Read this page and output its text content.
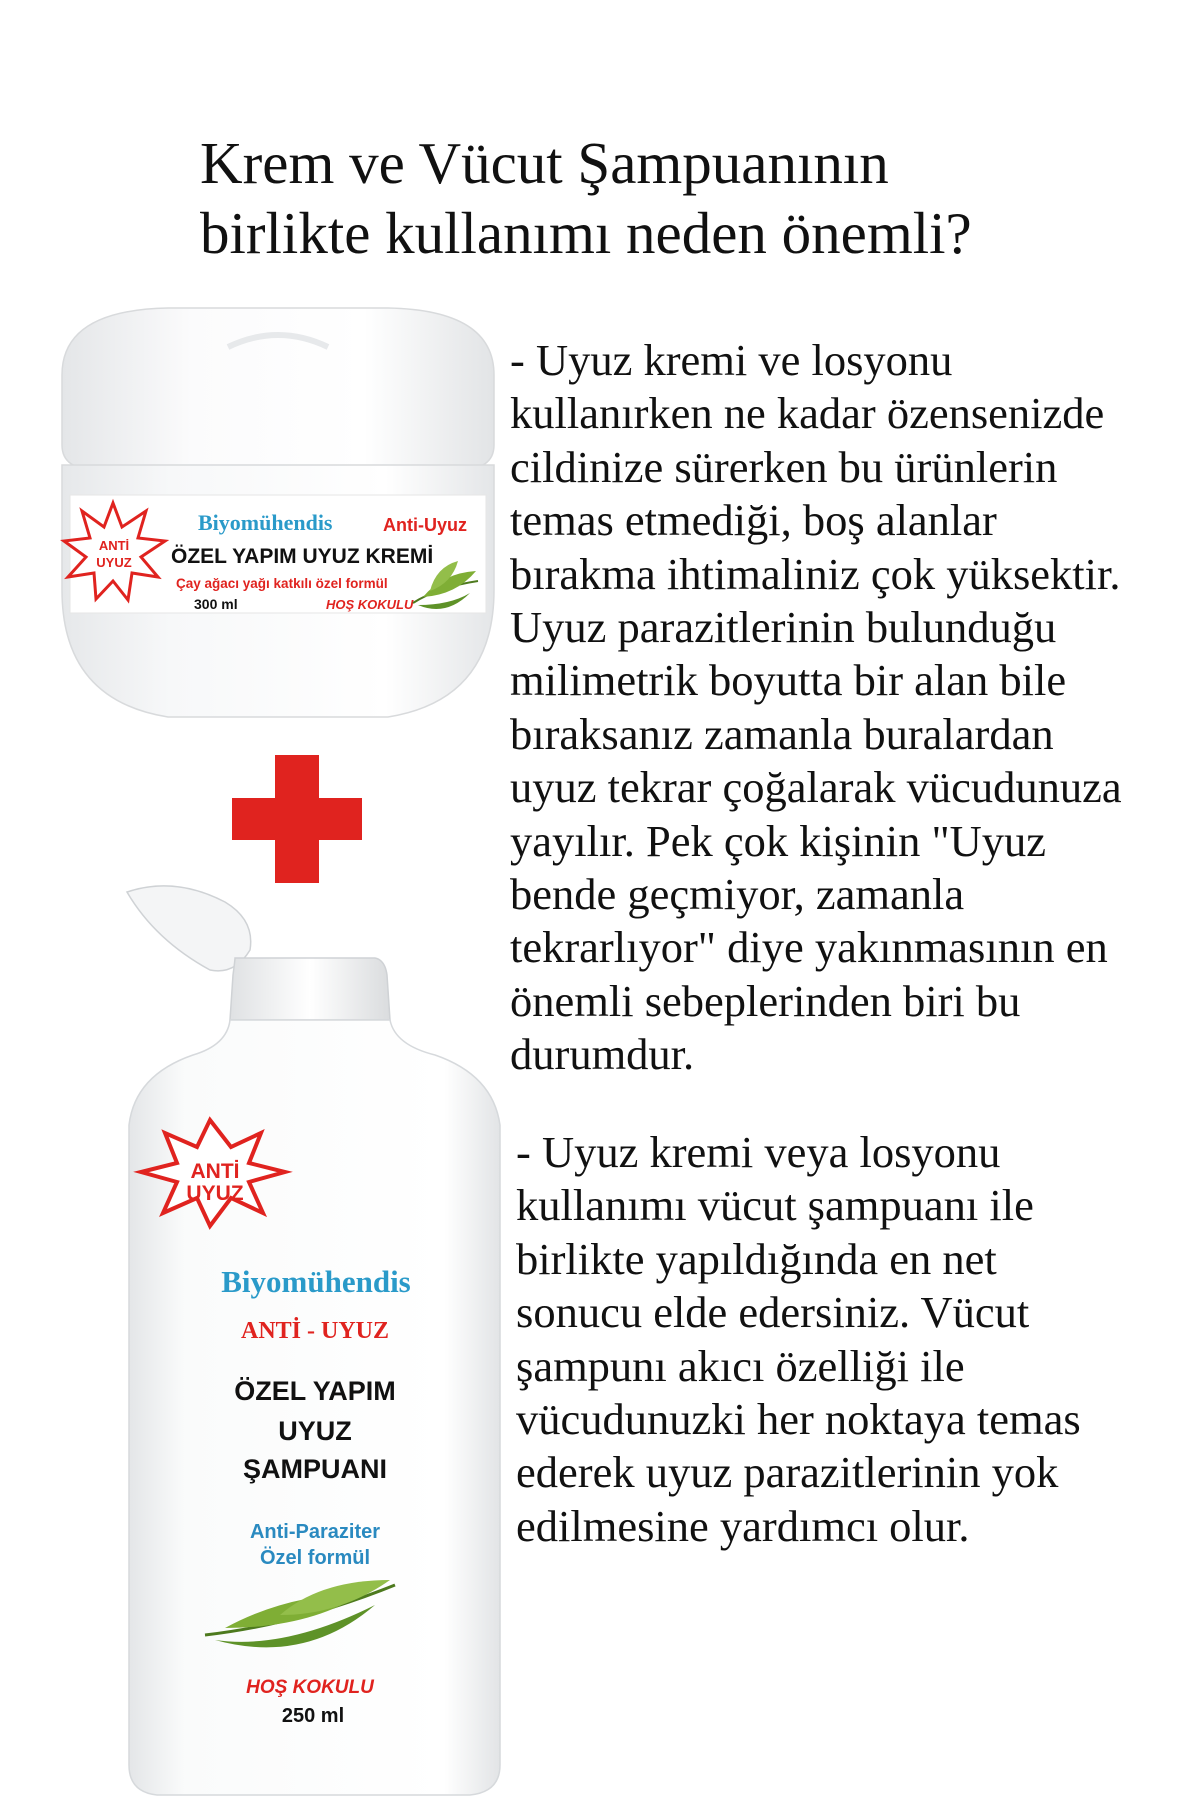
Krem ve Vücut Şampuanının
birlikte kullanımı neden önemli?
- Uyuz kremi ve losyonu
kullanırken ne kadar özensenizde
cildinize sürerken bu ürünlerin
temas etmediği, boş alanlar
bırakma ihtimaliniz çok yüksektir.
Uyuz parazitlerinin bulunduğu
milimetrik boyutta bir alan bile
bıraksanız zamanla buralardan
uyuz tekrar çoğalarak vücudunuza
yayılır. Pek çok kişinin "Uyuz
bende geçmiyor, zamanla
tekrarlıyor" diye yakınmasının en
önemli sebeplerinden biri bu
durumdur.
- Uyuz kremi veya losyonu
kullanımı vücut şampuanı ile
birlikte yapıldığında en net
sonucu elde edersiniz. Vücut
şampunı akıcı özelliği ile
vücudunuzki her noktaya temas
ederek uyuz parazitlerinin yok
edilmesine yardımcı olur.
ANTİ
UYUZ
Biyomühendis	Anti-Uyuz
ÖZEL YAPIM UYUZ KREMİ
Çay ağacı yağı katkılı özel formül
300 ml	HOŞ KOKULU
ANTİ
UYUZ
Biyomühendis
ANTİ - UYUZ
ÖZEL YAPIM
UYUZ
ŞAMPUANI
Anti-Paraziter
Özel formül
HOŞ KOKULU
250 ml
